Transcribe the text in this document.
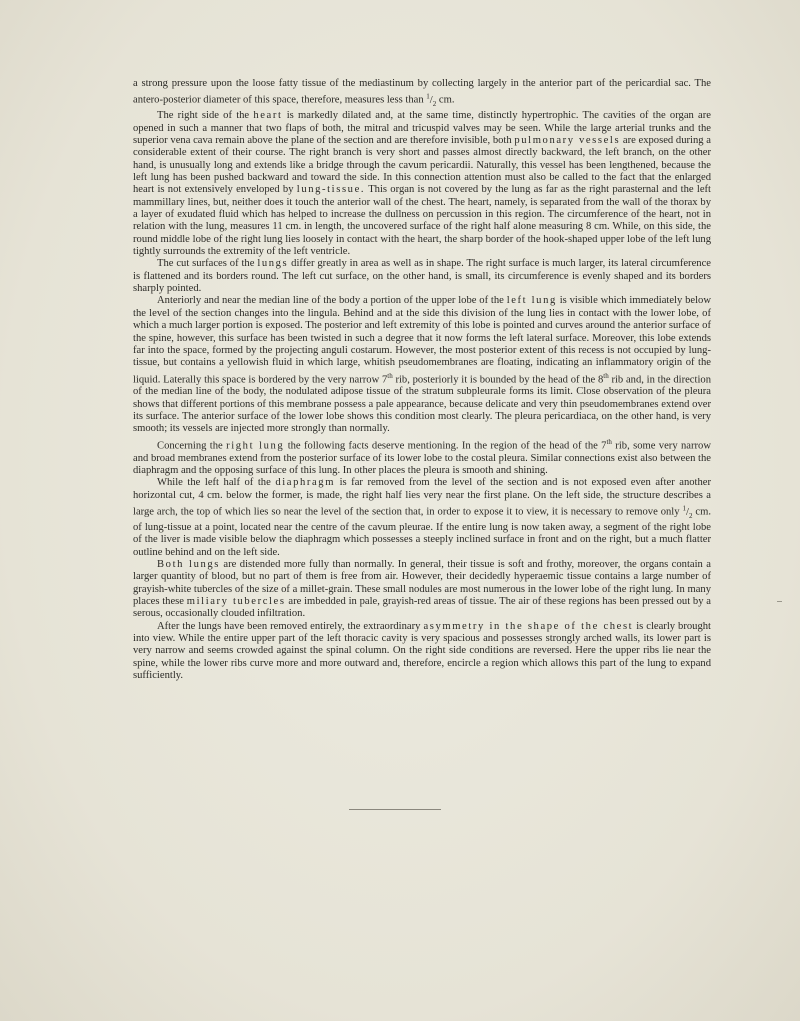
a strong pressure upon the loose fatty tissue of the mediastinum by collecting largely in the anterior part of the pericardial sac. The antero-posterior diameter of this space, therefore, measures less than $^1/_2$ cm.

The right side of the heart is markedly dilated and, at the same time, distinctly hypertrophic. The cavities of the organ are opened in such a manner that two flaps of both, the mitral and tricuspid valves may be seen. While the large arterial trunks and the superior vena cava remain above the plane of the section and are therefore invisible, both pulmonary vessels are exposed during a considerable extent of their course. The right branch is very short and passes almost directly backward, the left branch, on the other hand, is unusually long and extends like a bridge through the cavum pericardii. Naturally, this vessel has been lengthened, because the left lung has been pushed backward and toward the side. In this connection attention must also be called to the fact that the enlarged heart is not extensively enveloped by lung-tissue. This organ is not covered by the lung as far as the right parasternal and the left mammillary lines, but, neither does it touch the anterior wall of the chest. The heart, namely, is separated from the wall of the thorax by a layer of exudated fluid which has helped to increase the dullness on percussion in this region. The circumference of the heart, not in relation with the lung, measures 11 cm. in length, the uncovered surface of the right half alone measuring 8 cm. While, on this side, the round middle lobe of the right lung lies loosely in contact with the heart, the sharp border of the hook-shaped upper lobe of the left lung tightly surrounds the extremity of the left ventricle.

The cut surfaces of the lungs differ greatly in area as well as in shape. The right surface is much larger, its lateral circumference is flattened and its borders round. The left cut surface, on the other hand, is small, its circumference is evenly shaped and its borders sharply pointed.

Anteriorly and near the median line of the body a portion of the upper lobe of the left lung is visible which immediately below the level of the section changes into the lingula. Behind and at the side this division of the lung lies in contact with the lower lobe, of which a much larger portion is exposed. The posterior and left extremity of this lobe is pointed and curves around the anterior surface of the spine, however, this surface has been twisted in such a degree that it now forms the left lateral surface. Moreover, this lobe extends far into the space, formed by the projecting anguli costarum. However, the most posterior extent of this recess is not occupied by lung-tissue, but contains a yellowish fluid in which large, whitish pseudomembranes are floating, indicating an inflammatory origin of the liquid. Laterally this space is bordered by the very narrow 7th rib, posteriorly it is bounded by the head of the 8th rib and, in the direction of the median line of the body, the nodulated adipose tissue of the stratum subpleurale forms its limit. Close observation of the pleura shows that different portions of this membrane possess a pale appearance, because delicate and very thin pseudomembranes extend over its surface. The anterior surface of the lower lobe shows this condition most clearly. The pleura pericardiaca, on the other hand, is very smooth; its vessels are injected more strongly than normally.

Concerning the right lung the following facts deserve mentioning. In the region of the head of the 7th rib, some very narrow and broad membranes extend from the posterior surface of its lower lobe to the costal pleura. Similar connections exist also between the diaphragm and the opposing surface of this lung. In other places the pleura is smooth and shining.

While the left half of the diaphragm is far removed from the level of the section and is not exposed even after another horizontal cut, 4 cm. below the former, is made, the right half lies very near the first plane. On the left side, the structure describes a large arch, the top of which lies so near the level of the section that, in order to expose it to view, it is necessary to remove only $^1/_2$ cm. of lung-tissue at a point, located near the centre of the cavum pleurae. If the entire lung is now taken away, a segment of the right lobe of the liver is made visible below the diaphragm which possesses a steeply inclined surface in front and on the right, but a much flatter outline behind and on the left side.

Both lungs are distended more fully than normally. In general, their tissue is soft and frothy, moreover, the organs contain a larger quantity of blood, but no part of them is free from air. However, their decidedly hyperaemic tissue contains a large number of grayish-white tubercles of the size of a millet-grain. These small nodules are most numerous in the lower lobe of the right lung. In many places these miliary tubercles are imbedded in pale, grayish-red areas of tissue. The air of these regions has been pressed out by a serous, occasionally clouded infiltration.

After the lungs have been removed entirely, the extraordinary asymmetry in the shape of the chest is clearly brought into view. While the entire upper part of the left thoracic cavity is very spacious and possesses strongly arched walls, its lower part is very narrow and seems crowded against the spinal column. On the right side conditions are reversed. Here the upper ribs lie near the spine, while the lower ribs curve more and more outward and, therefore, encircle a region which allows this part of the lung to expand sufficiently.
